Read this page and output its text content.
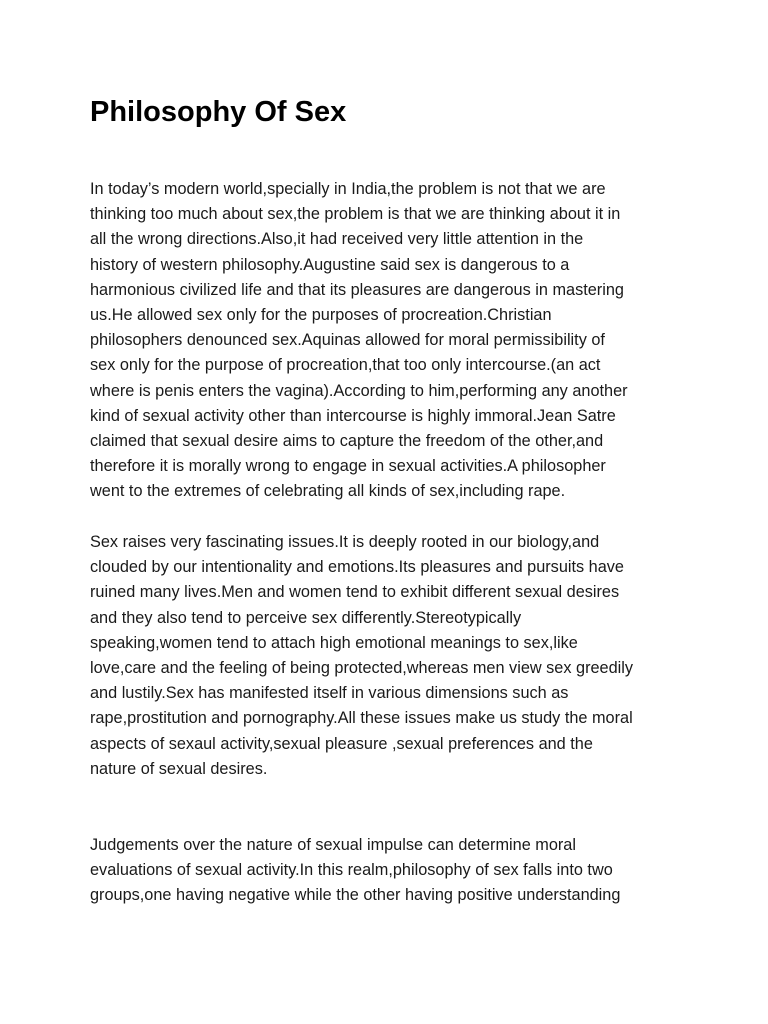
Philosophy Of Sex

In today’s modern world,specially in India,the problem is not that we are
thinking too much about sex,the problem is that we are thinking about it in
all the wrong directions.Also,it had received very little attention in the
history of western philosophy.Augustine said sex is dangerous to a
harmonious civilized life and that its pleasures are dangerous in mastering
us.He allowed sex only for the purposes of procreation.Christian
philosophers denounced sex.Aquinas allowed for moral permissibility of
sex only for the purpose of procreation,that too only intercourse.(an act
where is penis enters the vagina).According to him,performing any another
kind of sexual activity other than intercourse is highly immoral.Jean Satre
claimed that sexual desire aims to capture the freedom of the other,and
therefore it is morally wrong to engage in sexual activities.A philosopher
went to the extremes of celebrating all kinds of sex,including rape.

Sex raises very fascinating issues.It is deeply rooted in our biology,and
clouded by our intentionality and emotions.Its pleasures and pursuits have
ruined many lives.Men and women tend to exhibit different sexual desires
and they also tend to perceive sex differently.Stereotypically
speaking,women tend to attach high emotional meanings to sex,like
love,care and the feeling of being protected,whereas men view sex greedily
and lustily.Sex has manifested itself in various dimensions such as
rape,prostitution and pornography.All these issues make us study the moral
aspects of sexaul activity,sexual pleasure ,sexual preferences and the
nature of sexual desires.

Judgements over the nature of sexual impulse can determine moral
evaluations of sexual activity.In this realm,philosophy of sex falls into two
groups,one having negative while the other having positive understanding
